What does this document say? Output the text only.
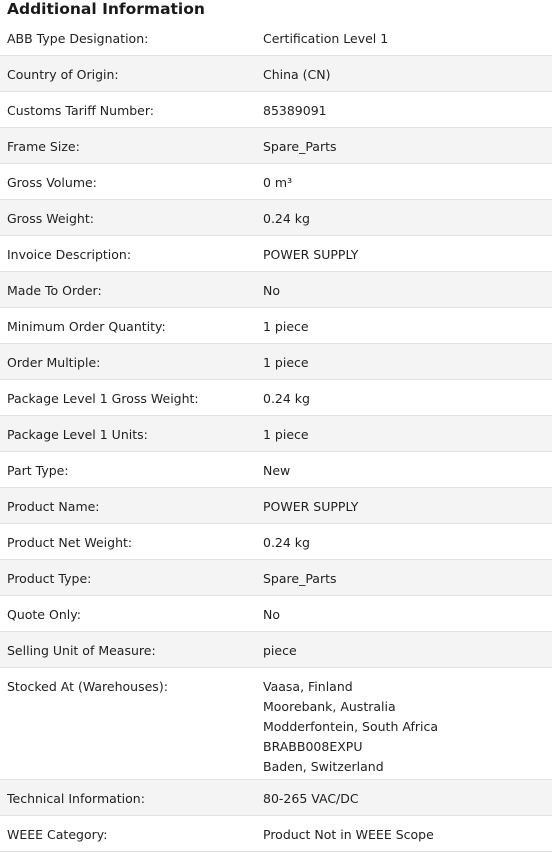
Additional Information
ABB Type Designation:	Certification Level 1
Country of Origin:	China (CN)
Customs Tariff Number:	85389091
Frame Size:	Spare_Parts
Gross Volume:	0 m³
Gross Weight:	0.24 kg
Invoice Description:	POWER SUPPLY
Made To Order:	No
Minimum Order Quantity:	1 piece
Order Multiple:	1 piece
Package Level 1 Gross Weight:	0.24 kg
Package Level 1 Units:	1 piece
Part Type:	New
Product Name:	POWER SUPPLY
Product Net Weight:	0.24 kg
Product Type:	Spare_Parts
Quote Only:	No
Selling Unit of Measure:	piece
Stocked At (Warehouses):	Vaasa, Finland
Moorebank, Australia
Modderfontein, South Africa
BRABB008EXPU
Baden, Switzerland
Technical Information:	80-265 VAC/DC
WEEE Category:	Product Not in WEEE Scope
